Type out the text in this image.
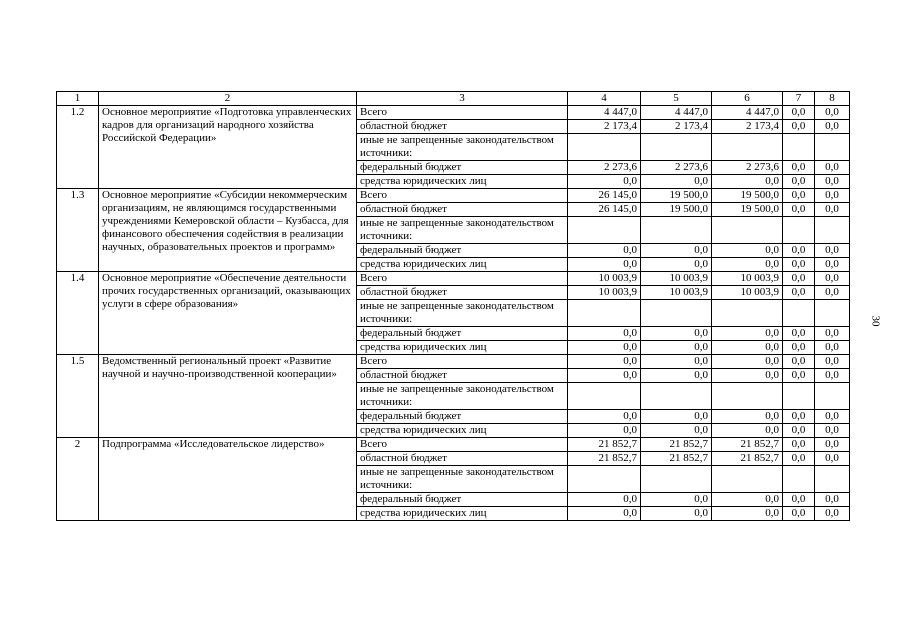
1	2	3	4	5	6	7	8
1.2	Основное мероприятие «Подготовка управленческих кадров для организаций народного хозяйства Российской Федерации»	Всего	4 447,0	4 447,0	4 447,0	0,0	0,0
		областной бюджет	2 173,4	2 173,4	2 173,4	0,0	0,0
		иные не запрещенные законодательством источники:					
		федеральный бюджет	2 273,6	2 273,6	2 273,6	0,0	0,0
		средства юридических лиц	0,0	0,0	0,0	0,0	0,0
1.3	Основное мероприятие «Субсидии некоммерческим организациям, не являющимся государственными учреждениями Кемеровской области – Кузбасса, для финансового обеспечения содействия в реализации научных, образовательных проектов и программ»	Всего	26 145,0	19 500,0	19 500,0	0,0	0,0
		областной бюджет	26 145,0	19 500,0	19 500,0	0,0	0,0
		иные не запрещенные законодательством источники:					
		федеральный бюджет	0,0	0,0	0,0	0,0	0,0
		средства юридических лиц	0,0	0,0	0,0	0,0	0,0
1.4	Основное мероприятие «Обеспечение деятельности прочих государственных организаций, оказывающих услуги в сфере образования»	Всего	10 003,9	10 003,9	10 003,9	0,0	0,0
		областной бюджет	10 003,9	10 003,9	10 003,9	0,0	0,0
		иные не запрещенные законодательством источники:					
		федеральный бюджет	0,0	0,0	0,0	0,0	0,0
		средства юридических лиц	0,0	0,0	0,0	0,0	0,0
1.5	Ведомственный региональный проект «Развитие научной и научно-производственной кооперации»	Всего	0,0	0,0	0,0	0,0	0,0
		областной бюджет	0,0	0,0	0,0	0,0	0,0
		иные не запрещенные законодательством источники:					
		федеральный бюджет	0,0	0,0	0,0	0,0	0,0
		средства юридических лиц	0,0	0,0	0,0	0,0	0,0
2	Подпрограмма «Исследовательское лидерство»	Всего	21 852,7	21 852,7	21 852,7	0,0	0,0
		областной бюджет	21 852,7	21 852,7	21 852,7	0,0	0,0
		иные не запрещенные законодательством источники:					
		федеральный бюджет	0,0	0,0	0,0	0,0	0,0
		средства юридических лиц	0,0	0,0	0,0	0,0	0,0
30
